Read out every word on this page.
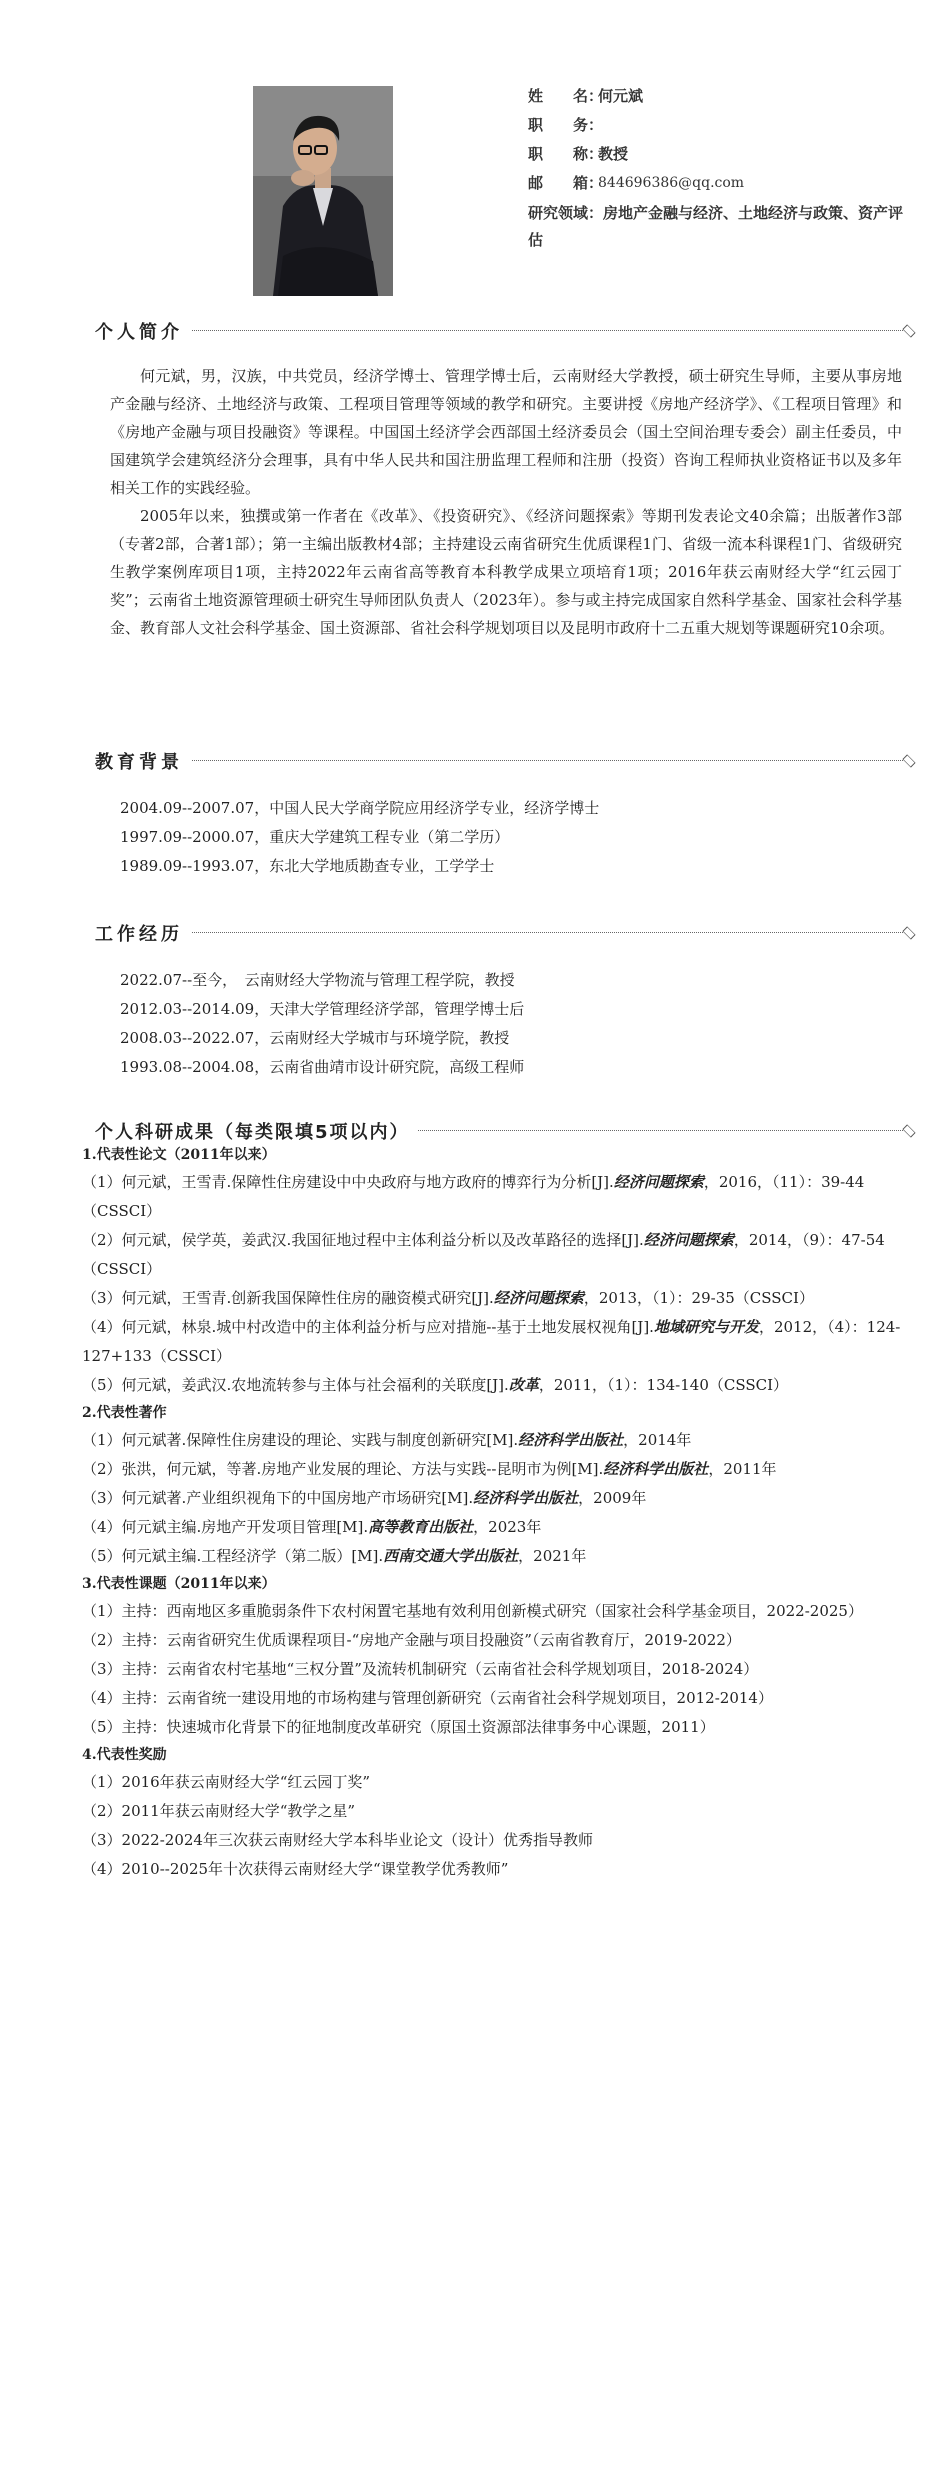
姓　　名：
何元斌
职　　务：
职　　称：
教授
邮　　箱：
844696386@qq.com
研究领域：房地产金融与经济、土地经济与政策、资产评估
个人简介

何元斌，男，汉族，中共党员，经济学博士、管理学博士后，云南财经大学教授，硕士研究生导师，主要从事房地产金融与经济、土地经济与政策、工程项目管理等领域的教学和研究。主要讲授《房地产经济学》、《工程项目管理》和《房地产金融与项目投融资》等课程。中国国土经济学会西部国土经济委员会（国土空间治理专委会）副主任委员，中国建筑学会建筑经济分会理事，具有中华人民共和国注册监理工程师和注册（投资）咨询工程师执业资格证书以及多年相关工作的实践经验。

2005年以来，独撰或第一作者在《改革》、《投资研究》、《经济问题探索》等期刊发表论文40余篇；出版著作3部（专著2部，合著1部）；第一主编出版教材4部；主持建设云南省研究生优质课程1门、省级一流本科课程1门、省级研究生教学案例库项目1项，主持2022年云南省高等教育本科教学成果立项培育1项；2016年获云南财经大学“红云园丁奖”；云南省土地资源管理硕士研究生导师团队负责人（2023年）。参与或主持完成国家自然科学基金、国家社会科学基金、教育部人文社会科学基金、国土资源部、省社会科学规划项目以及昆明市政府十二五重大规划等课题研究10余项。

教育背景
2004.09--2007.07，中国人民大学商学院应用经济学专业，经济学博士
1997.09--2000.07，重庆大学建筑工程专业（第二学历）
1989.09--1993.07，东北大学地质勘查专业，工学学士
工作经历
2022.07--至今，　云南财经大学物流与管理工程学院，教授
2012.03--2014.09，天津大学管理经济学部，管理学博士后
2008.03--2022.07，云南财经大学城市与环境学院，教授
1993.08--2004.08，云南省曲靖市设计研究院，高级工程师
个人科研成果（每类限填5项以内）
1.代表性论文（2011年以来）
（1）何元斌，王雪青.保障性住房建设中中央政府与地方政府的博弈行为分析[J].经济问题探索，2016，（11）：39-44（CSSCI）
（2）何元斌，侯学英，姜武汉.我国征地过程中主体利益分析以及改革路径的选择[J].经济问题探索，2014，（9）：47-54（CSSCI）
（3）何元斌，王雪青.创新我国保障性住房的融资模式研究[J].经济问题探索，2013，（1）：29-35（CSSCI）
（4）何元斌，林泉.城中村改造中的主体利益分析与应对措施--基于土地发展权视角[J].地域研究与开发，2012，（4）：124-127+133（CSSCI）
（5）何元斌，姜武汉.农地流转参与主体与社会福利的关联度[J].改革，2011，（1）：134-140（CSSCI）
2.代表性著作
（1）何元斌著.保障性住房建设的理论、实践与制度创新研究[M].经济科学出版社，2014年
（2）张洪，何元斌，等著.房地产业发展的理论、方法与实践--昆明市为例[M].经济科学出版社，2011年
（3）何元斌著.产业组织视角下的中国房地产市场研究[M].经济科学出版社，2009年
（4）何元斌主编.房地产开发项目管理[M].高等教育出版社，2023年
（5）何元斌主编.工程经济学（第二版）[M].西南交通大学出版社，2021年
3.代表性课题（2011年以来）
（1）主持：西南地区多重脆弱条件下农村闲置宅基地有效利用创新模式研究（国家社会科学基金项目，2022-2025）
（2）主持：云南省研究生优质课程项目-“房地产金融与项目投融资”（云南省教育厅，2019-2022）
（3）主持：云南省农村宅基地“三权分置”及流转机制研究（云南省社会科学规划项目，2018-2024）
（4）主持：云南省统一建设用地的市场构建与管理创新研究（云南省社会科学规划项目，2012-2014）
（5）主持：快速城市化背景下的征地制度改革研究（原国土资源部法律事务中心课题，2011）
4.代表性奖励
（1）2016年获云南财经大学“红云园丁奖”
（2）2011年获云南财经大学“教学之星”
（3）2022-2024年三次获云南财经大学本科毕业论文（设计）优秀指导教师
（4）2010--2025年十次获得云南财经大学“课堂教学优秀教师”
